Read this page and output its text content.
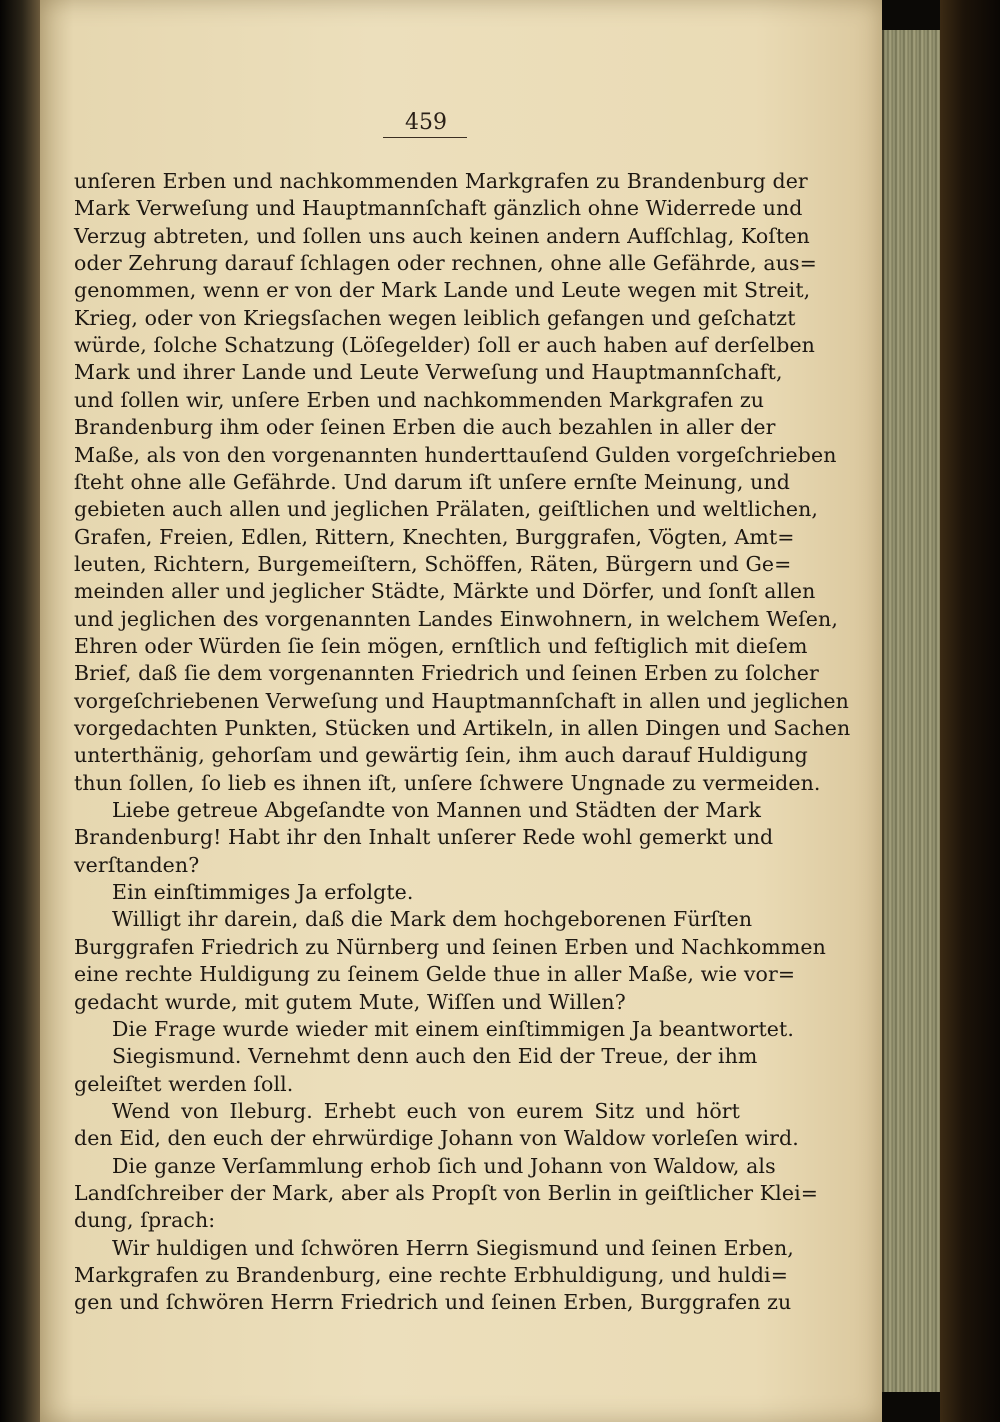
459
unſeren Erben und nachkommenden Markgrafen zu Brandenburg der
Mark Verweſung und Hauptmannſchaft gänzlich ohne Widerrede und
Verzug abtreten, und ſollen uns auch keinen andern Aufſchlag, Koſten
oder Zehrung darauf ſchlagen oder rechnen, ohne alle Gefährde, aus=
genommen, wenn er von der Mark Lande und Leute wegen mit Streit,
Krieg, oder von Kriegsſachen wegen leiblich gefangen und geſchatzt
würde, ſolche Schatzung (Löſegelder) ſoll er auch haben auf derſelben
Mark und ihrer Lande und Leute Verweſung und Hauptmannſchaft,
und ſollen wir, unſere Erben und nachkommenden Markgrafen zu
Brandenburg ihm oder ſeinen Erben die auch bezahlen in aller der
Maße, als von den vorgenannten hunderttauſend Gulden vorgeſchrieben
ſteht ohne alle Gefährde. Und darum iſt unſere ernſte Meinung, und
gebieten auch allen und jeglichen Prälaten, geiſtlichen und weltlichen,
Grafen, Freien, Edlen, Rittern, Knechten, Burggrafen, Vögten, Amt=
leuten, Richtern, Burgemeiſtern, Schöffen, Räten, Bürgern und Ge=
meinden aller und jeglicher Städte, Märkte und Dörfer, und ſonſt allen
und jeglichen des vorgenannten Landes Einwohnern, in welchem Weſen,
Ehren oder Würden ſie ſein mögen, ernſtlich und feſtiglich mit dieſem
Brief, daß ſie dem vorgenannten Friedrich und ſeinen Erben zu ſolcher
vorgeſchriebenen Verweſung und Hauptmannſchaft in allen und jeglichen
vorgedachten Punkten, Stücken und Artikeln, in allen Dingen und Sachen
unterthänig, gehorſam und gewärtig ſein, ihm auch darauf Huldigung
thun ſollen, ſo lieb es ihnen iſt, unſere ſchwere Ungnade zu vermeiden.
Liebe getreue Abgeſandte von Mannen und Städten der Mark
Brandenburg! Habt ihr den Inhalt unſerer Rede wohl gemerkt und
verſtanden?
Ein einſtimmiges Ja erfolgte.
Willigt ihr darein, daß die Mark dem hochgeborenen Fürſten
Burggrafen Friedrich zu Nürnberg und ſeinen Erben und Nachkommen
eine rechte Huldigung zu ſeinem Gelde thue in aller Maße, wie vor=
gedacht wurde, mit gutem Mute, Wiſſen und Willen?
Die Frage wurde wieder mit einem einſtimmigen Ja beantwortet.
Siegismund. Vernehmt denn auch den Eid der Treue, der ihm
geleiſtet werden ſoll.
Wend von Ileburg. Erhebt euch von eurem Sitz und hört
den Eid, den euch der ehrwürdige Johann von Waldow vorleſen wird.
Die ganze Verſammlung erhob ſich und Johann von Waldow, als
Landſchreiber der Mark, aber als Propſt von Berlin in geiſtlicher Klei=
dung, ſprach:
Wir huldigen und ſchwören Herrn Siegismund und ſeinen Erben,
Markgrafen zu Brandenburg, eine rechte Erbhuldigung, und huldi=
gen und ſchwören Herrn Friedrich und ſeinen Erben, Burggrafen zu
